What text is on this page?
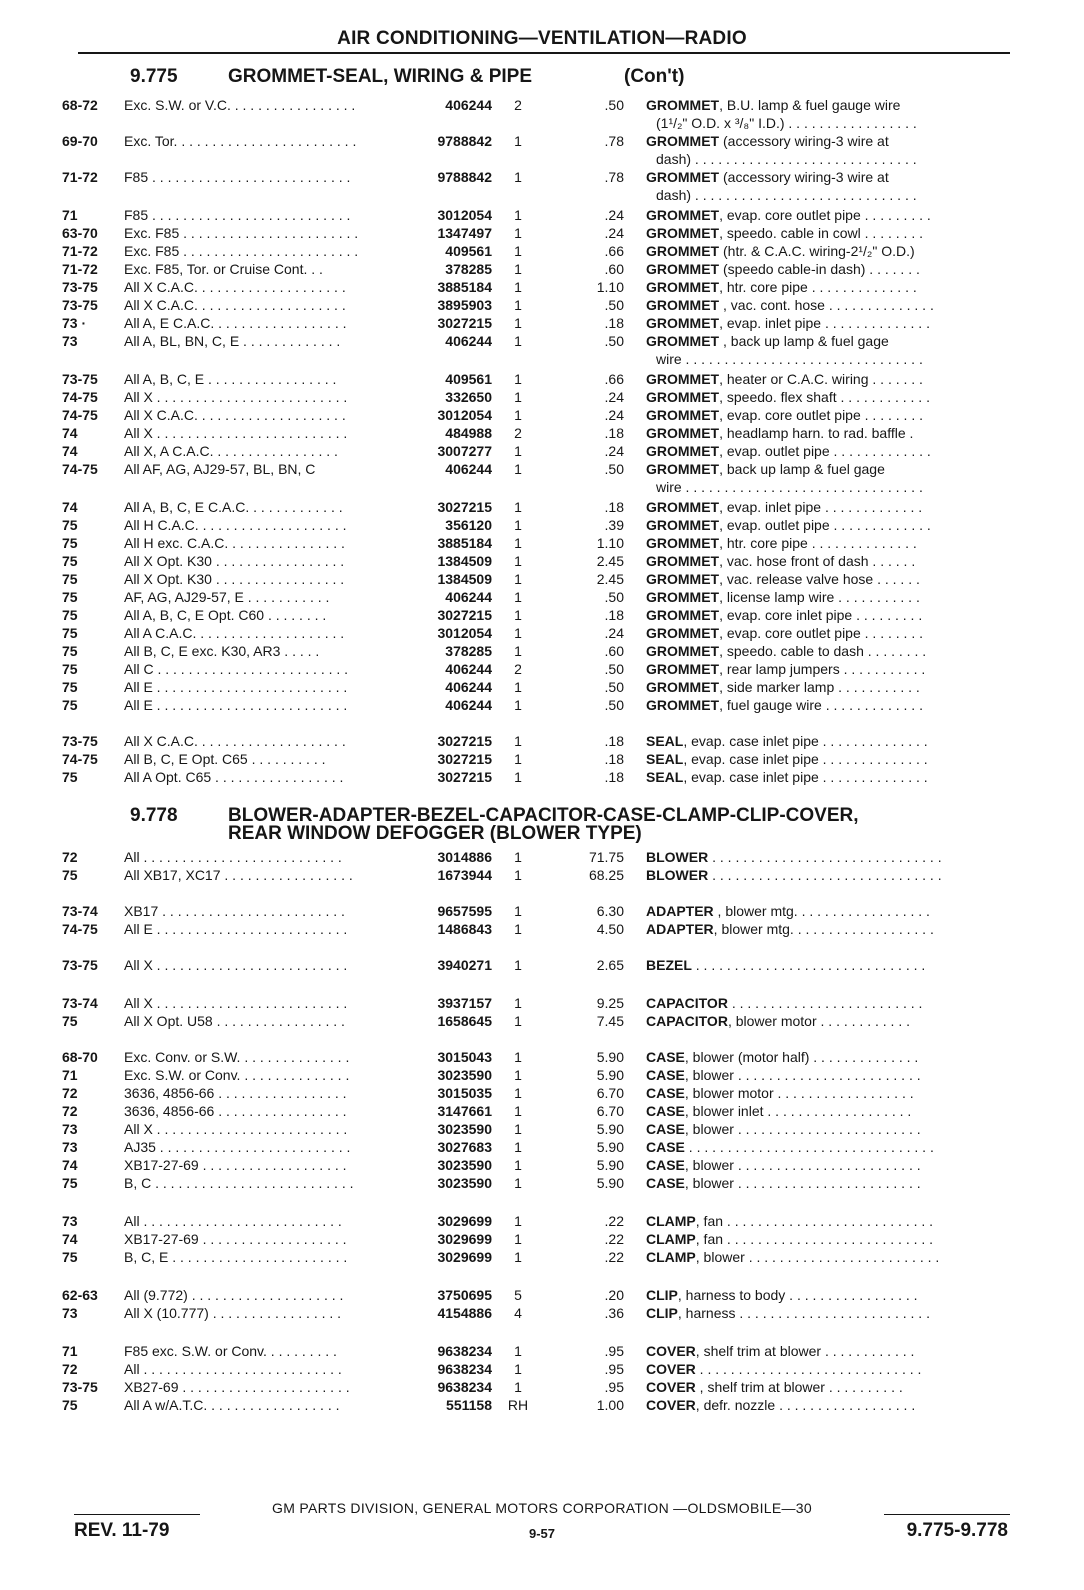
AIR CONDITIONING—VENTILATION—RADIO
9.775	GROMMET-SEAL, WIRING & PIPE	(Con't)
9.778	BLOWER-ADAPTER-BEZEL-CAPACITOR-CASE-CLAMP-CLIP-COVER,
REAR WINDOW DEFOGGER (BLOWER TYPE)
68-72 Exc. S.W. or V.C. . . . . . . . . . . . . . . . .	406244	2	.50 GROMMET, B.U. lamp & fuel gauge wire
(1¹/₂" O.D. x ³/₈" I.D.) . . . . . . . . . . . . . . . . .
69-70 Exc. Tor. . . . . . . . . . . . . . . . . . . . . . . .	9788842	1	.78 GROMMET (accessory wiring-3 wire at
dash) . . . . . . . . . . . . . . . . . . . . . . . . . . . . .
71-72 F85 . . . . . . . . . . . . . . . . . . . . . . . . . .	9788842	1	.78 GROMMET (accessory wiring-3 wire at
dash) . . . . . . . . . . . . . . . . . . . . . . . . . . . . .
71	F85 . . . . . . . . . . . . . . . . . . . . . . . . . .	3012054	1	.24 GROMMET, evap. core outlet pipe . . . . . . . . .
63-70 Exc. F85 . . . . . . . . . . . . . . . . . . . . . . .	1347497	1	.24 GROMMET, speedo. cable in cowl . . . . . . . .
71-72 Exc. F85 . . . . . . . . . . . . . . . . . . . . . . .	409561	1	.66 GROMMET (htr. & C.A.C. wiring-2¹/₂" O.D.)
71-72 Exc. F85, Tor. or Cruise Cont. . .	378285	1	.60 GROMMET (speedo cable-in dash) . . . . . . .
73-75 All X C.A.C. . . . . . . . . . . . . . . . . . . .	3885184	1	1.10 GROMMET, htr. core pipe . . . . . . . . . . . . . .
73-75 All X C.A.C. . . . . . . . . . . . . . . . . . . .	3895903	1	.50 GROMMET , vac. cont. hose . . . . . . . . . . . . . .
73 ·	All A, E C.A.C. . . . . . . . . . . . . . . . . .	3027215	1	.18 GROMMET, evap. inlet pipe . . . . . . . . . . . . . .
73	All A, BL, BN, C, E . . . . . . . . . . . . .	406244	1	.50 GROMMET , back up lamp & fuel gage
wire . . . . . . . . . . . . . . . . . . . . . . . . . . . . . . .
73-75 All A, B, C, E . . . . . . . . . . . . . . . . .	409561	1	.66 GROMMET, heater or C.A.C. wiring . . . . . . .
74-75 All X . . . . . . . . . . . . . . . . . . . . . . . . .	332650	1	.24 GROMMET, speedo. flex shaft . . . . . . . . . . . .
74-75 All X C.A.C. . . . . . . . . . . . . . . . . . . .	3012054	1	.24 GROMMET, evap. core outlet pipe . . . . . . . .
74	All X . . . . . . . . . . . . . . . . . . . . . . . . .	484988	2	.18 GROMMET, headlamp harn. to rad. baffle .
74	All X, A C.A.C. . . . . . . . . . . . . . . . .	3007277	1	.24 GROMMET, evap. outlet pipe . . . . . . . . . . . . .
74-75 All AF, AG, AJ29-57, BL, BN, C	406244	1	.50 GROMMET, back up lamp & fuel gage
wire . . . . . . . . . . . . . . . . . . . . . . . . . . . . . . .
74	All A, B, C, E C.A.C. . . . . . . . . . . . .	3027215	1	.18 GROMMET, evap. inlet pipe . . . . . . . . . . . . .
75	All H C.A.C. . . . . . . . . . . . . . . . . . . .	356120	1	.39 GROMMET, evap. outlet pipe . . . . . . . . . . . . .
75	All H exc. C.A.C. . . . . . . . . . . . . . . .	3885184	1	1.10 GROMMET, htr. core pipe . . . . . . . . . . . . . .
75	All X Opt. K30 . . . . . . . . . . . . . . . . .	1384509	1	2.45 GROMMET, vac. hose front of dash . . . . . .
75	All X Opt. K30 . . . . . . . . . . . . . . . . .	1384509	1	2.45 GROMMET, vac. release valve hose . . . . . .
75	AF, AG, AJ29-57, E . . . . . . . . . . .	406244	1	.50 GROMMET, license lamp wire . . . . . . . . . . .
75	All A, B, C, E Opt. C60 . . . . . . . .	3027215	1	.18 GROMMET, evap. core inlet pipe . . . . . . . . .
75	All A C.A.C. . . . . . . . . . . . . . . . . . . .	3012054	1	.24 GROMMET, evap. core outlet pipe . . . . . . . .
75	All B, C, E exc. K30, AR3 . . . . .	378285	1	.60 GROMMET, speedo. cable to dash . . . . . . . .
75	All C . . . . . . . . . . . . . . . . . . . . . . . . .	406244	2	.50 GROMMET, rear lamp jumpers . . . . . . . . . . .
75	All E . . . . . . . . . . . . . . . . . . . . . . . . .	406244	1	.50 GROMMET, side marker lamp . . . . . . . . . . .
75	All E . . . . . . . . . . . . . . . . . . . . . . . . .	406244	1	.50 GROMMET, fuel gauge wire . . . . . . . . . . . . .
73-75 All X C.A.C. . . . . . . . . . . . . . . . . . . .	3027215	1	.18 SEAL, evap. case inlet pipe . . . . . . . . . . . . . .
74-75 All B, C, E Opt. C65 . . . . . . . . . .	3027215	1	.18 SEAL, evap. case inlet pipe . . . . . . . . . . . . . .
75	All A Opt. C65 . . . . . . . . . . . . . . . . .	3027215	1	.18 SEAL, evap. case inlet pipe . . . . . . . . . . . . . .
72	All . . . . . . . . . . . . . . . . . . . . . . . . . .	3014886	1	71.75 BLOWER . . . . . . . . . . . . . . . . . . . . . . . . . . . . . .
75	All XB17, XC17 . . . . . . . . . . . . . . . . .	1673944	1	68.25 BLOWER . . . . . . . . . . . . . . . . . . . . . . . . . . . . . .
73-74 XB17 . . . . . . . . . . . . . . . . . . . . . . . .	9657595	1	6.30 ADAPTER , blower mtg. . . . . . . . . . . . . . . . . .
74-75 All E . . . . . . . . . . . . . . . . . . . . . . . . .	1486843	1	4.50 ADAPTER, blower mtg. . . . . . . . . . . . . . . . . . .
73-75 All X . . . . . . . . . . . . . . . . . . . . . . . . .	3940271	1	2.65 BEZEL . . . . . . . . . . . . . . . . . . . . . . . . . . . . . .
73-74 All X . . . . . . . . . . . . . . . . . . . . . . . . .	3937157	1	9.25 CAPACITOR . . . . . . . . . . . . . . . . . . . . . . . . .
75	All X Opt. U58 . . . . . . . . . . . . . . . . .	1658645	1	7.45 CAPACITOR, blower motor . . . . . . . . . . . .
68-70 Exc. Conv. or S.W. . . . . . . . . . . . . . .	3015043	1	5.90 CASE, blower (motor half) . . . . . . . . . . . . . .
71	Exc. S.W. or Conv. . . . . . . . . . . . . . .	3023590	1	5.90 CASE, blower . . . . . . . . . . . . . . . . . . . . . . . .
72	3636, 4856-66 . . . . . . . . . . . . . . . . .	3015035	1	6.70 CASE, blower motor . . . . . . . . . . . . . . . . . .
72	3636, 4856-66 . . . . . . . . . . . . . . . . .	3147661	1	6.70 CASE, blower inlet . . . . . . . . . . . . . . . . . . .
73	All X . . . . . . . . . . . . . . . . . . . . . . . . .	3023590	1	5.90 CASE, blower . . . . . . . . . . . . . . . . . . . . . . . .
73	AJ35 . . . . . . . . . . . . . . . . . . . . . . . . .	3027683	1	5.90 CASE . . . . . . . . . . . . . . . . . . . . . . . . . . . . . . . .
74	XB17-27-69 . . . . . . . . . . . . . . . . . . .	3023590	1	5.90 CASE, blower . . . . . . . . . . . . . . . . . . . . . . . .
75	B, C . . . . . . . . . . . . . . . . . . . . . . . . . .	3023590	1	5.90 CASE, blower . . . . . . . . . . . . . . . . . . . . . . . .
73	All . . . . . . . . . . . . . . . . . . . . . . . . . .	3029699	1	.22 CLAMP, fan . . . . . . . . . . . . . . . . . . . . . . . . . . .
74	XB17-27-69 . . . . . . . . . . . . . . . . . . .	3029699	1	.22 CLAMP, fan . . . . . . . . . . . . . . . . . . . . . . . . . . .
75	B, C, E . . . . . . . . . . . . . . . . . . . . . . .	3029699	1	.22 CLAMP, blower . . . . . . . . . . . . . . . . . . . . . . . . .
62-63 All (9.772) . . . . . . . . . . . . . . . . . . . .	3750695	5	.20 CLIP, harness to body . . . . . . . . . . . . . . . . .
73	All X (10.777) . . . . . . . . . . . . . . . . .	4154886	4	.36 CLIP, harness . . . . . . . . . . . . . . . . . . . . . . . . .
71	F85 exc. S.W. or Conv. . . . . . . . . .	9638234	1	.95 COVER, shelf trim at blower . . . . . . . . . . . .
72	All . . . . . . . . . . . . . . . . . . . . . . . . . .	9638234	1	.95 COVER . . . . . . . . . . . . . . . . . . . . . . . . . . . . .
73-75 XB27-69 . . . . . . . . . . . . . . . . . . . . . .	9638234	1	.95 COVER , shelf trim at blower . . . . . . . . . .
75	All A w/A.T.C. . . . . . . . . . . . . . . . . .	551158 RH	1.00 COVER, defr. nozzle . . . . . . . . . . . . . . . . . .
GM PARTS DIVISION, GENERAL MOTORS CORPORATION —OLDSMOBILE—30
REV. 11-79	9-57	9.775-9.778
